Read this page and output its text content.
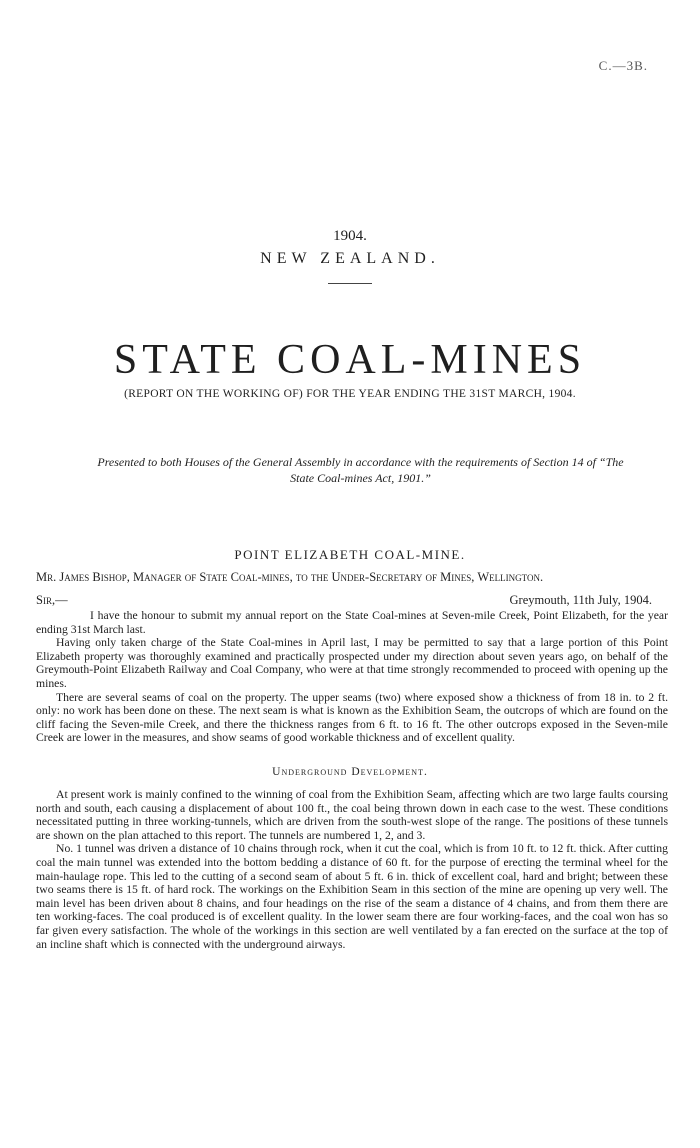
C.—3B.
1904.
NEW ZEALAND.
STATE COAL-MINES
(REPORT ON THE WORKING OF) FOR THE YEAR ENDING THE 31ST MARCH, 1904.
Presented to both Houses of the General Assembly in accordance with the requirements of Section 14 of “The State Coal-mines Act, 1901.”
POINT ELIZABETH COAL-MINE.
Mr. James Bishop, Manager of State Coal-mines, to the Under-Secretary of Mines, Wellington.
Sir,—	Greymouth, 11th July, 1904.

I have the honour to submit my annual report on the State Coal-mines at Seven-mile Creek, Point Elizabeth, for the year ending 31st March last.

Having only taken charge of the State Coal-mines in April last, I may be permitted to say that a large portion of this Point Elizabeth property was thoroughly examined and practically prospected under my direction about seven years ago, on behalf of the Greymouth-Point Elizabeth Railway and Coal Company, who were at that time strongly recommended to proceed with opening up the mines.

There are several seams of coal on the property. The upper seams (two) where exposed show a thickness of from 18 in. to 2 ft. only: no work has been done on these. The next seam is what is known as the Exhibition Seam, the outcrops of which are found on the cliff facing the Seven-mile Creek, and there the thickness ranges from 6 ft. to 16 ft. The other outcrops exposed in the Seven-mile Creek are lower in the measures, and show seams of good workable thickness and of excellent quality.

Underground Development.

At present work is mainly confined to the winning of coal from the Exhibition Seam, affecting which are two large faults coursing north and south, each causing a displacement of about 100 ft., the coal being thrown down in each case to the west. These conditions necessitated putting in three working-tunnels, which are driven from the south-west slope of the range. The positions of these tunnels are shown on the plan attached to this report. The tunnels are numbered 1, 2, and 3.

No. 1 tunnel was driven a distance of 10 chains through rock, when it cut the coal, which is from 10 ft. to 12 ft. thick. After cutting coal the main tunnel was extended into the bottom bedding a distance of 60 ft. for the purpose of erecting the terminal wheel for the main-haulage rope. This led to the cutting of a second seam of about 5 ft. 6 in. thick of excellent coal, hard and bright; between these two seams there is 15 ft. of hard rock. The workings on the Exhibition Seam in this section of the mine are opening up very well. The main level has been driven about 8 chains, and four headings on the rise of the seam a distance of 4 chains, and from them there are ten working-faces. The coal produced is of excellent quality. In the lower seam there are four working-faces, and the coal won has so far given every satisfaction. The whole of the workings in this section are well ventilated by a fan erected on the surface at the top of an incline shaft which is connected with the underground airways.
